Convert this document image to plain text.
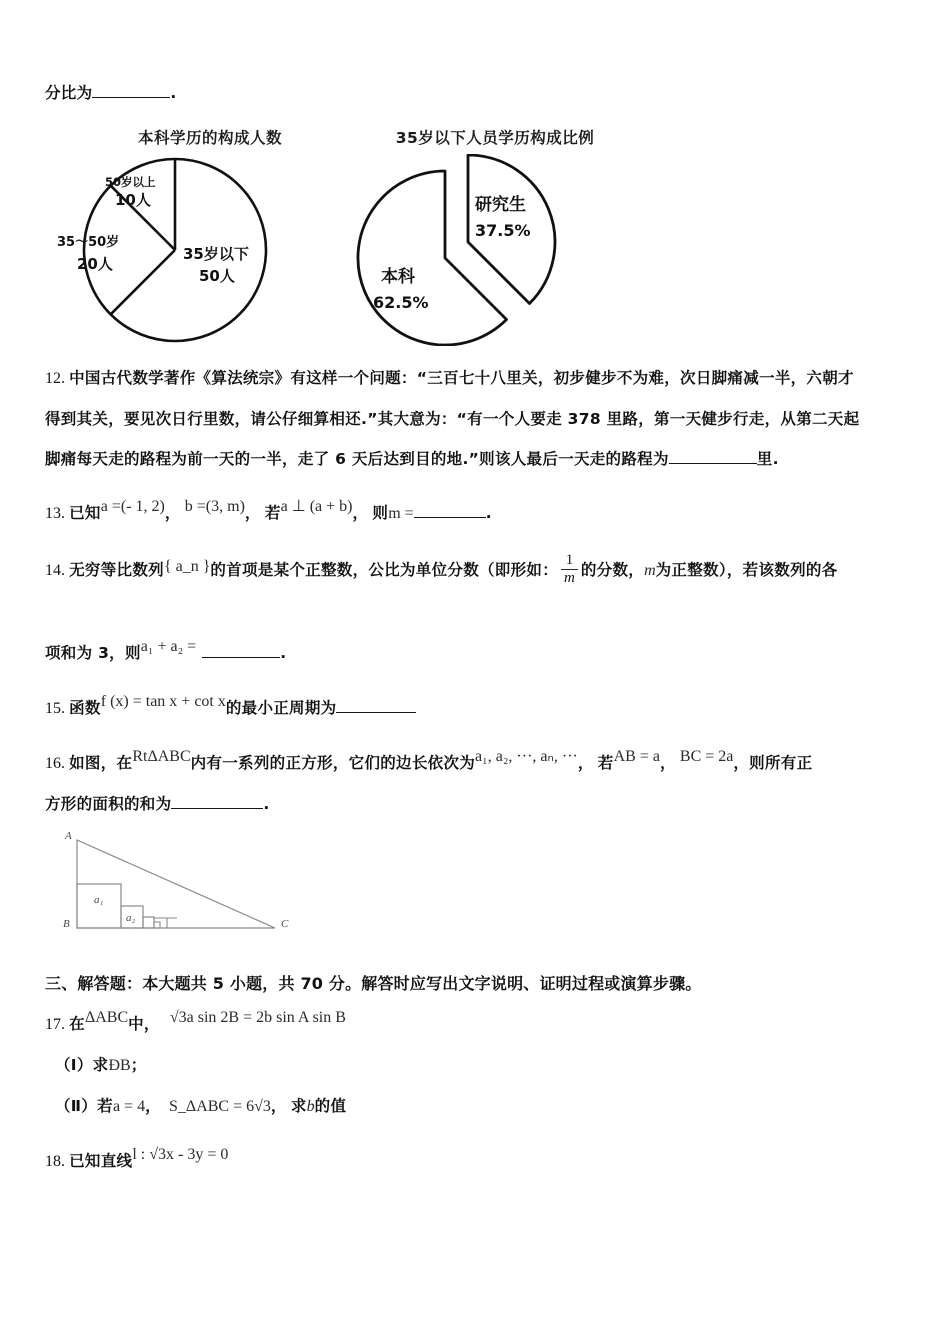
分比为	.
本科学历的构成人数
50岁以上
10人
35～50岁
20人
35岁以下
50人
35岁以下人员学历构成比例
研究生
37.5%
本科
62.5%
12. 中国古代数学著作《算法统宗》有这样一个问题：“三百七十八里关，初步健步不为难，次日脚痛减一半，六朝才
得到其关，要见次日行里数，请公仔细算相还.”其大意为：“有一个人要走 378 里路，第一天健步行走，从第二天起
脚痛每天走的路程为前一天的一半，走了 6 天后达到目的地.”则该人最后一天走的路程为	里.
13. 已知a =(- 1, 2)， b =(3, m)， 若a ⊥ (a + b)， 则m =	.
14. 无穷等比数列{ a_n }的首项是某个正整数，公比为单位分数（即形如： $\frac{1}{m}$ 的分数，m为正整数），若该数列的各
项和为 3，则a₁ + a₂ =	.
15. 函数f (x) = tan x + cot x的最小正周期为
16. 如图，在RtΔABC内有一系列的正方形，它们的边长依次为a₁, a₂, ···, aₙ, ···， 若AB = a， BC = 2a，则所有正
方形的面积的和为	.
A
B	C
a₁
a₂
三、解答题：本大题共 5 小题，共 70 分。解答时应写出文字说明、证明过程或演算步骤。
17. 在ΔABC中， √3a sin 2B = 2b sin A sin B
（Ⅰ）求ÐB；
（Ⅱ）若a = 4， S_ΔABC = 6√3， 求b的值
18. 已知直线l : √3x - 3y = 0
